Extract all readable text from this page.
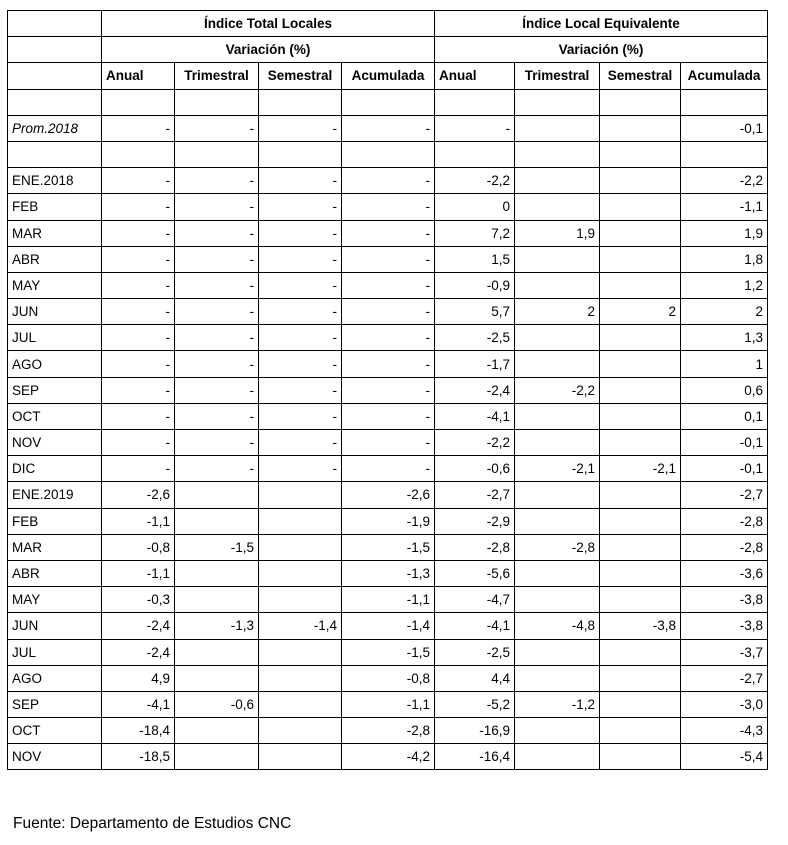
	Índice Total Locales				Índice Local Equivalente			
	Variación (%)				Variación (%)			
	Anual	Trimestral	Semestral	Acumulada	Anual	Trimestral	Semestral	Acumulada

Prom.2018	-	-	-	-	-			-0,1

ENE.2018	-	-	-	-	-2,2			-2,2
FEB	-	-	-	-	0			-1,1
MAR	-	-	-	-	7,2	1,9		1,9
ABR	-	-	-	-	1,5			1,8
MAY	-	-	-	-	-0,9			1,2
JUN	-	-	-	-	5,7	2	2	2
JUL	-	-	-	-	-2,5			1,3
AGO	-	-	-	-	-1,7			1
SEP	-	-	-	-	-2,4	-2,2		0,6
OCT	-	-	-	-	-4,1			0,1
NOV	-	-	-	-	-2,2			-0,1
DIC	-	-	-	-	-0,6	-2,1	-2,1	-0,1
ENE.2019	-2,6			-2,6	-2,7			-2,7
FEB	-1,1			-1,9	-2,9			-2,8
MAR	-0,8	-1,5		-1,5	-2,8	-2,8		-2,8
ABR	-1,1			-1,3	-5,6			-3,6
MAY	-0,3			-1,1	-4,7			-3,8
JUN	-2,4	-1,3	-1,4	-1,4	-4,1	-4,8	-3,8	-3,8
JUL	-2,4			-1,5	-2,5			-3,7
AGO	4,9			-0,8	4,4			-2,7
SEP	-4,1	-0,6		-1,1	-5,2	-1,2		-3,0
OCT	-18,4			-2,8	-16,9			-4,3
NOV	-18,5			-4,2	-16,4			-5,4
Fuente: Departamento de Estudios CNC
